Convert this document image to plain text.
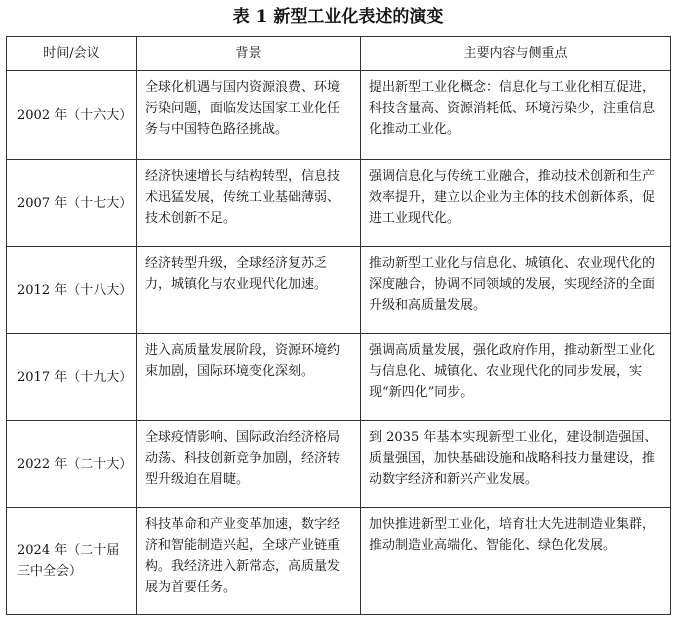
表 1 新型工业化表述的演变
时间/会议	背景	主要内容与侧重点
2002 年（十六大）	全球化机遇与国内资源浪费、环境污染问题，面临发达国家工业化任务与中国特色路径挑战。	提出新型工业化概念：信息化与工业化相互促进，科技含量高、资源消耗低、环境污染少，注重信息化推动工业化。
2007 年（十七大）	经济快速增长与结构转型，信息技术迅猛发展，传统工业基础薄弱、技术创新不足。	强调信息化与传统工业融合，推动技术创新和生产效率提升，建立以企业为主体的技术创新体系，促进工业现代化。
2012 年（十八大）	经济转型升级，全球经济复苏乏力，城镇化与农业现代化加速。	推动新型工业化与信息化、城镇化、农业现代化的深度融合，协调不同领域的发展，实现经济的全面升级和高质量发展。
2017 年（十九大）	进入高质量发展阶段，资源环境约束加剧，国际环境变化深刻。	强调高质量发展，强化政府作用，推动新型工业化与信息化、城镇化、农业现代化的同步发展，实现“新四化”同步。
2022 年（二十大）	全球疫情影响、国际政治经济格局动荡、科技创新竞争加剧，经济转型升级迫在眉睫。	到 2035 年基本实现新型工业化，建设制造强国、质量强国，加快基础设施和战略科技力量建设，推动数字经济和新兴产业发展。
2024 年（二十届三中全会）	科技革命和产业变革加速，数字经济和智能制造兴起，全球产业链重构。我经济进入新常态，高质量发展为首要任务。	加快推进新型工业化，培育壮大先进制造业集群，推动制造业高端化、智能化、绿色化发展。
